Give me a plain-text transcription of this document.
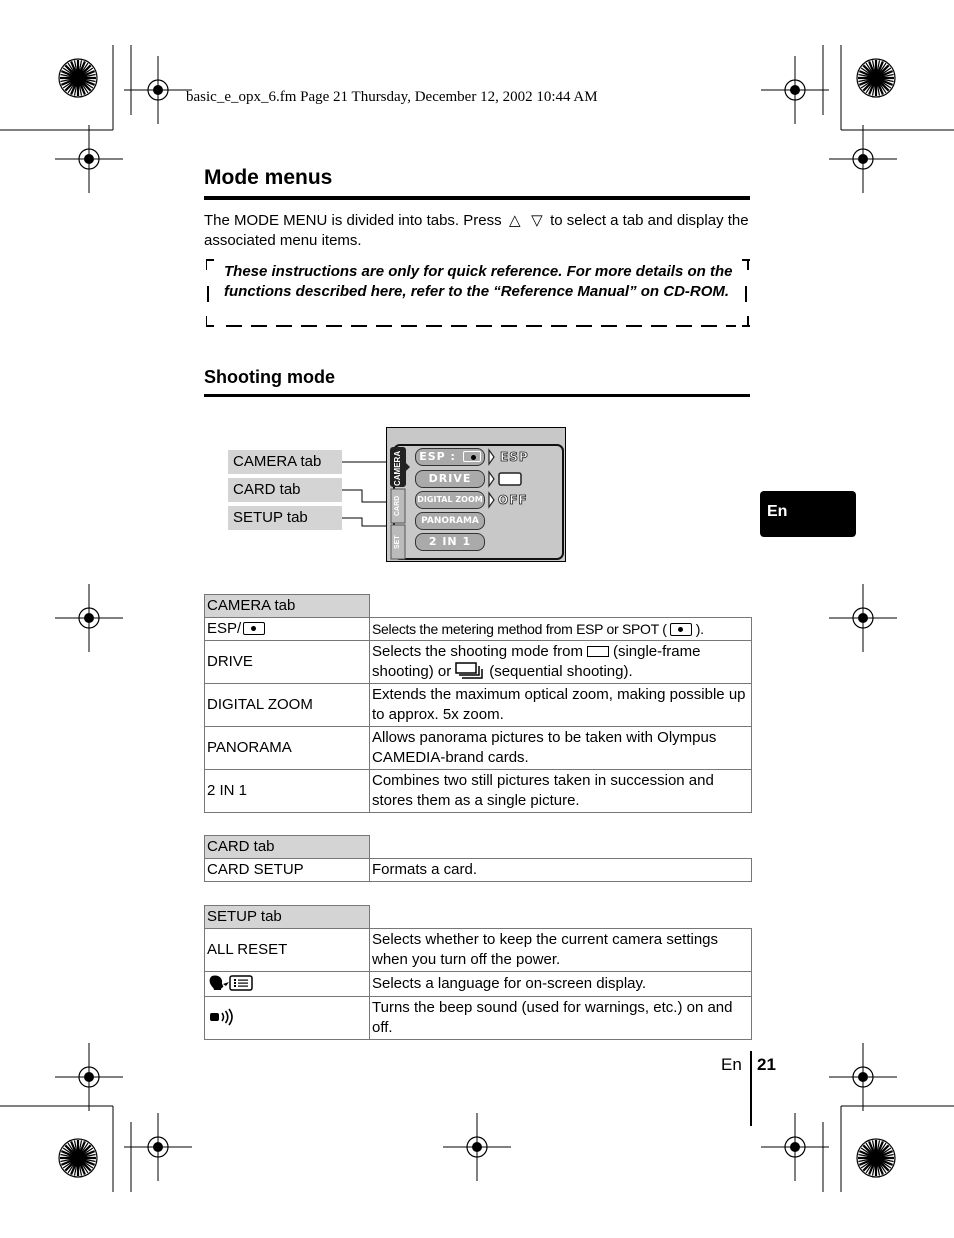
basic_e_opx_6.fm Page 21 Thursday, December 12, 2002 10:44 AM
Mode menus
The MODE MENU is divided into tabs. Press △ ▽ to select a tab and display the associated menu items.
These instructions are only for quick reference. For more details on the functions described here, refer to the “Reference Manual” on CD-ROM.
Shooting mode
CAMERA tab
CARD tab
SETUP tab
CAMERA
CARD
SET
ESP :	ESP
DRIVE
DIGITAL ZOOM OFF
PANORAMA
2 IN 1
En
CAMERA tab	
ESP/	Selects the metering method from ESP or SPOT ( ).
DRIVE	Selects the shooting mode from (single-frame shooting) or (sequential shooting).
DIGITAL ZOOM	Extends the maximum optical zoom, making possible up to approx. 5x zoom.
PANORAMA	Allows panorama pictures to be taken with Olympus CAMEDIA-brand cards.
2 IN 1	Combines two still pictures taken in succession and stores them as a single picture.
CARD tab	
CARD SETUP	Formats a card.
SETUP tab	
ALL RESET	Selects whether to keep the current camera settings when you turn off the power.
	Selects a language for on-screen display.
	Turns the beep sound (used for warnings, etc.) on and off.
En 21
